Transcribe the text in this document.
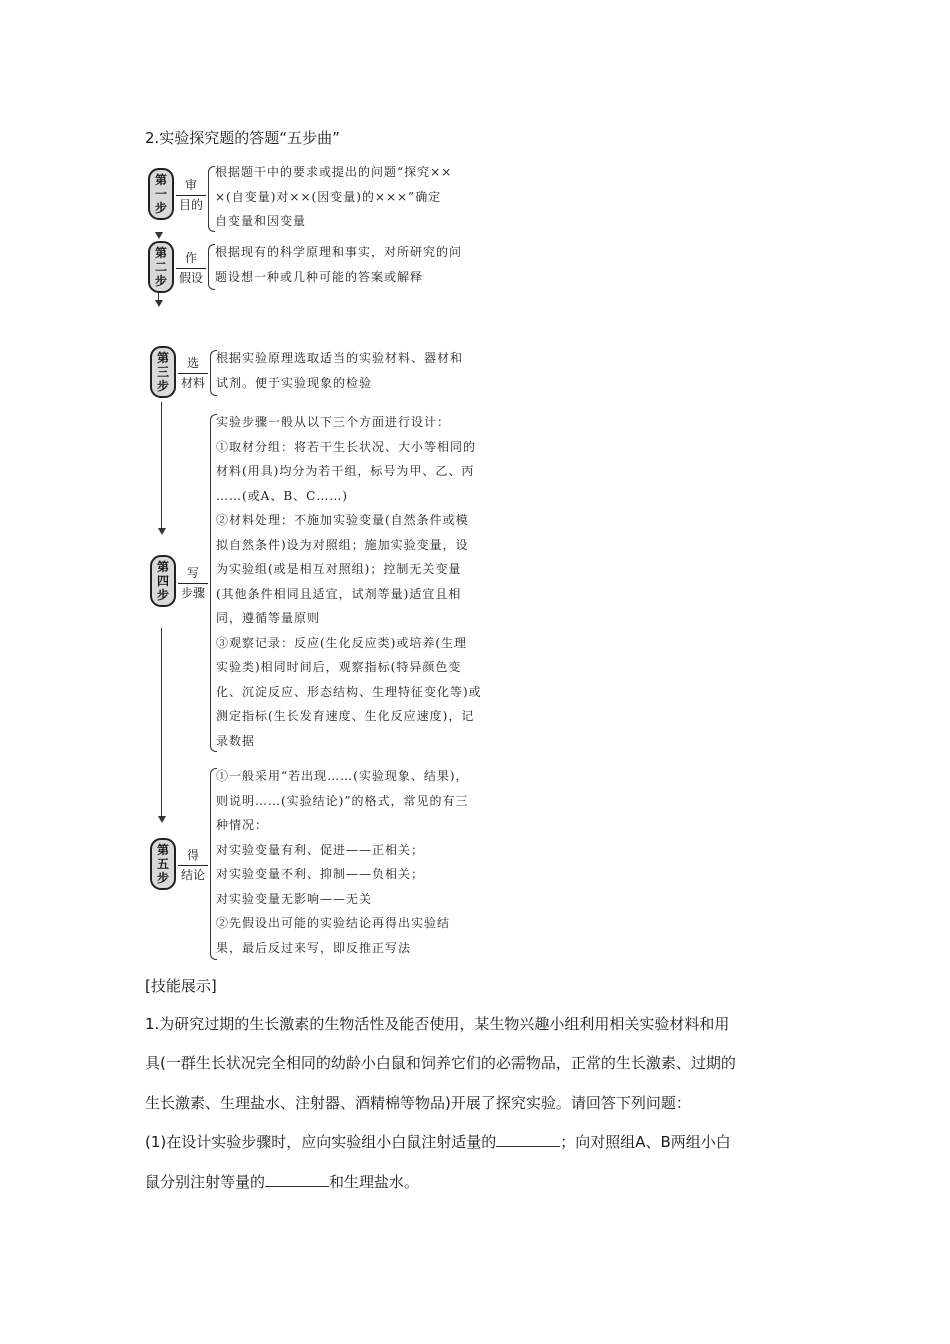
2.实验探究题的答题“五步曲”
第
一
步
审
目的
根据题干中的要求或提出的问题“探究××
×(自变量)对××(因变量)的×××”确定
自变量和因变量
第
二
步
作
假设
根据现有的科学原理和事实，对所研究的问
题设想一种或几种可能的答案或解释
第
三
步
选
材料
根据实验原理选取适当的实验材料、器材和
试剂。便于实验现象的检验
第
四
步
写
步骤
实验步骤一般从以下三个方面进行设计：
①取材分组：将若干生长状况、大小等相同的
材料(用具)均分为若干组，标号为甲、乙、丙
……(或A、B、C……)
②材料处理：不施加实验变量(自然条件或模
拟自然条件)设为对照组；施加实验变量，设
为实验组(或是相互对照组)；控制无关变量
(其他条件相同且适宜，试剂等量)适宜且相
同，遵循等量原则
③观察记录：反应(生化反应类)或培养(生理
实验类)相同时间后，观察指标(特异颜色变
化、沉淀反应、形态结构、生理特征变化等)或
测定指标(生长发育速度、生化反应速度)，记
录数据
第
五
步
得
结论
①一般采用“若出现……(实验现象、结果)，
则说明……(实验结论)”的格式，常见的有三
种情况：
对实验变量有利、促进——正相关；
对实验变量不利、抑制——负相关；
对实验变量无影响——无关
②先假设出可能的实验结论再得出实验结
果，最后反过来写，即反推正写法
[技能展示]
1.为研究过期的生长激素的生物活性及能否使用，某生物兴趣小组利用相关实验材料和用
具(一群生长状况完全相同的幼龄小白鼠和饲养它们的必需物品，正常的生长激素、过期的
生长激素、生理盐水、注射器、酒精棉等物品)开展了探究实验。请回答下列问题：
(1)在设计实验步骤时，应向实验组小白鼠注射适量的	；向对照组A、B两组小白
鼠分别注射等量的	和生理盐水。
